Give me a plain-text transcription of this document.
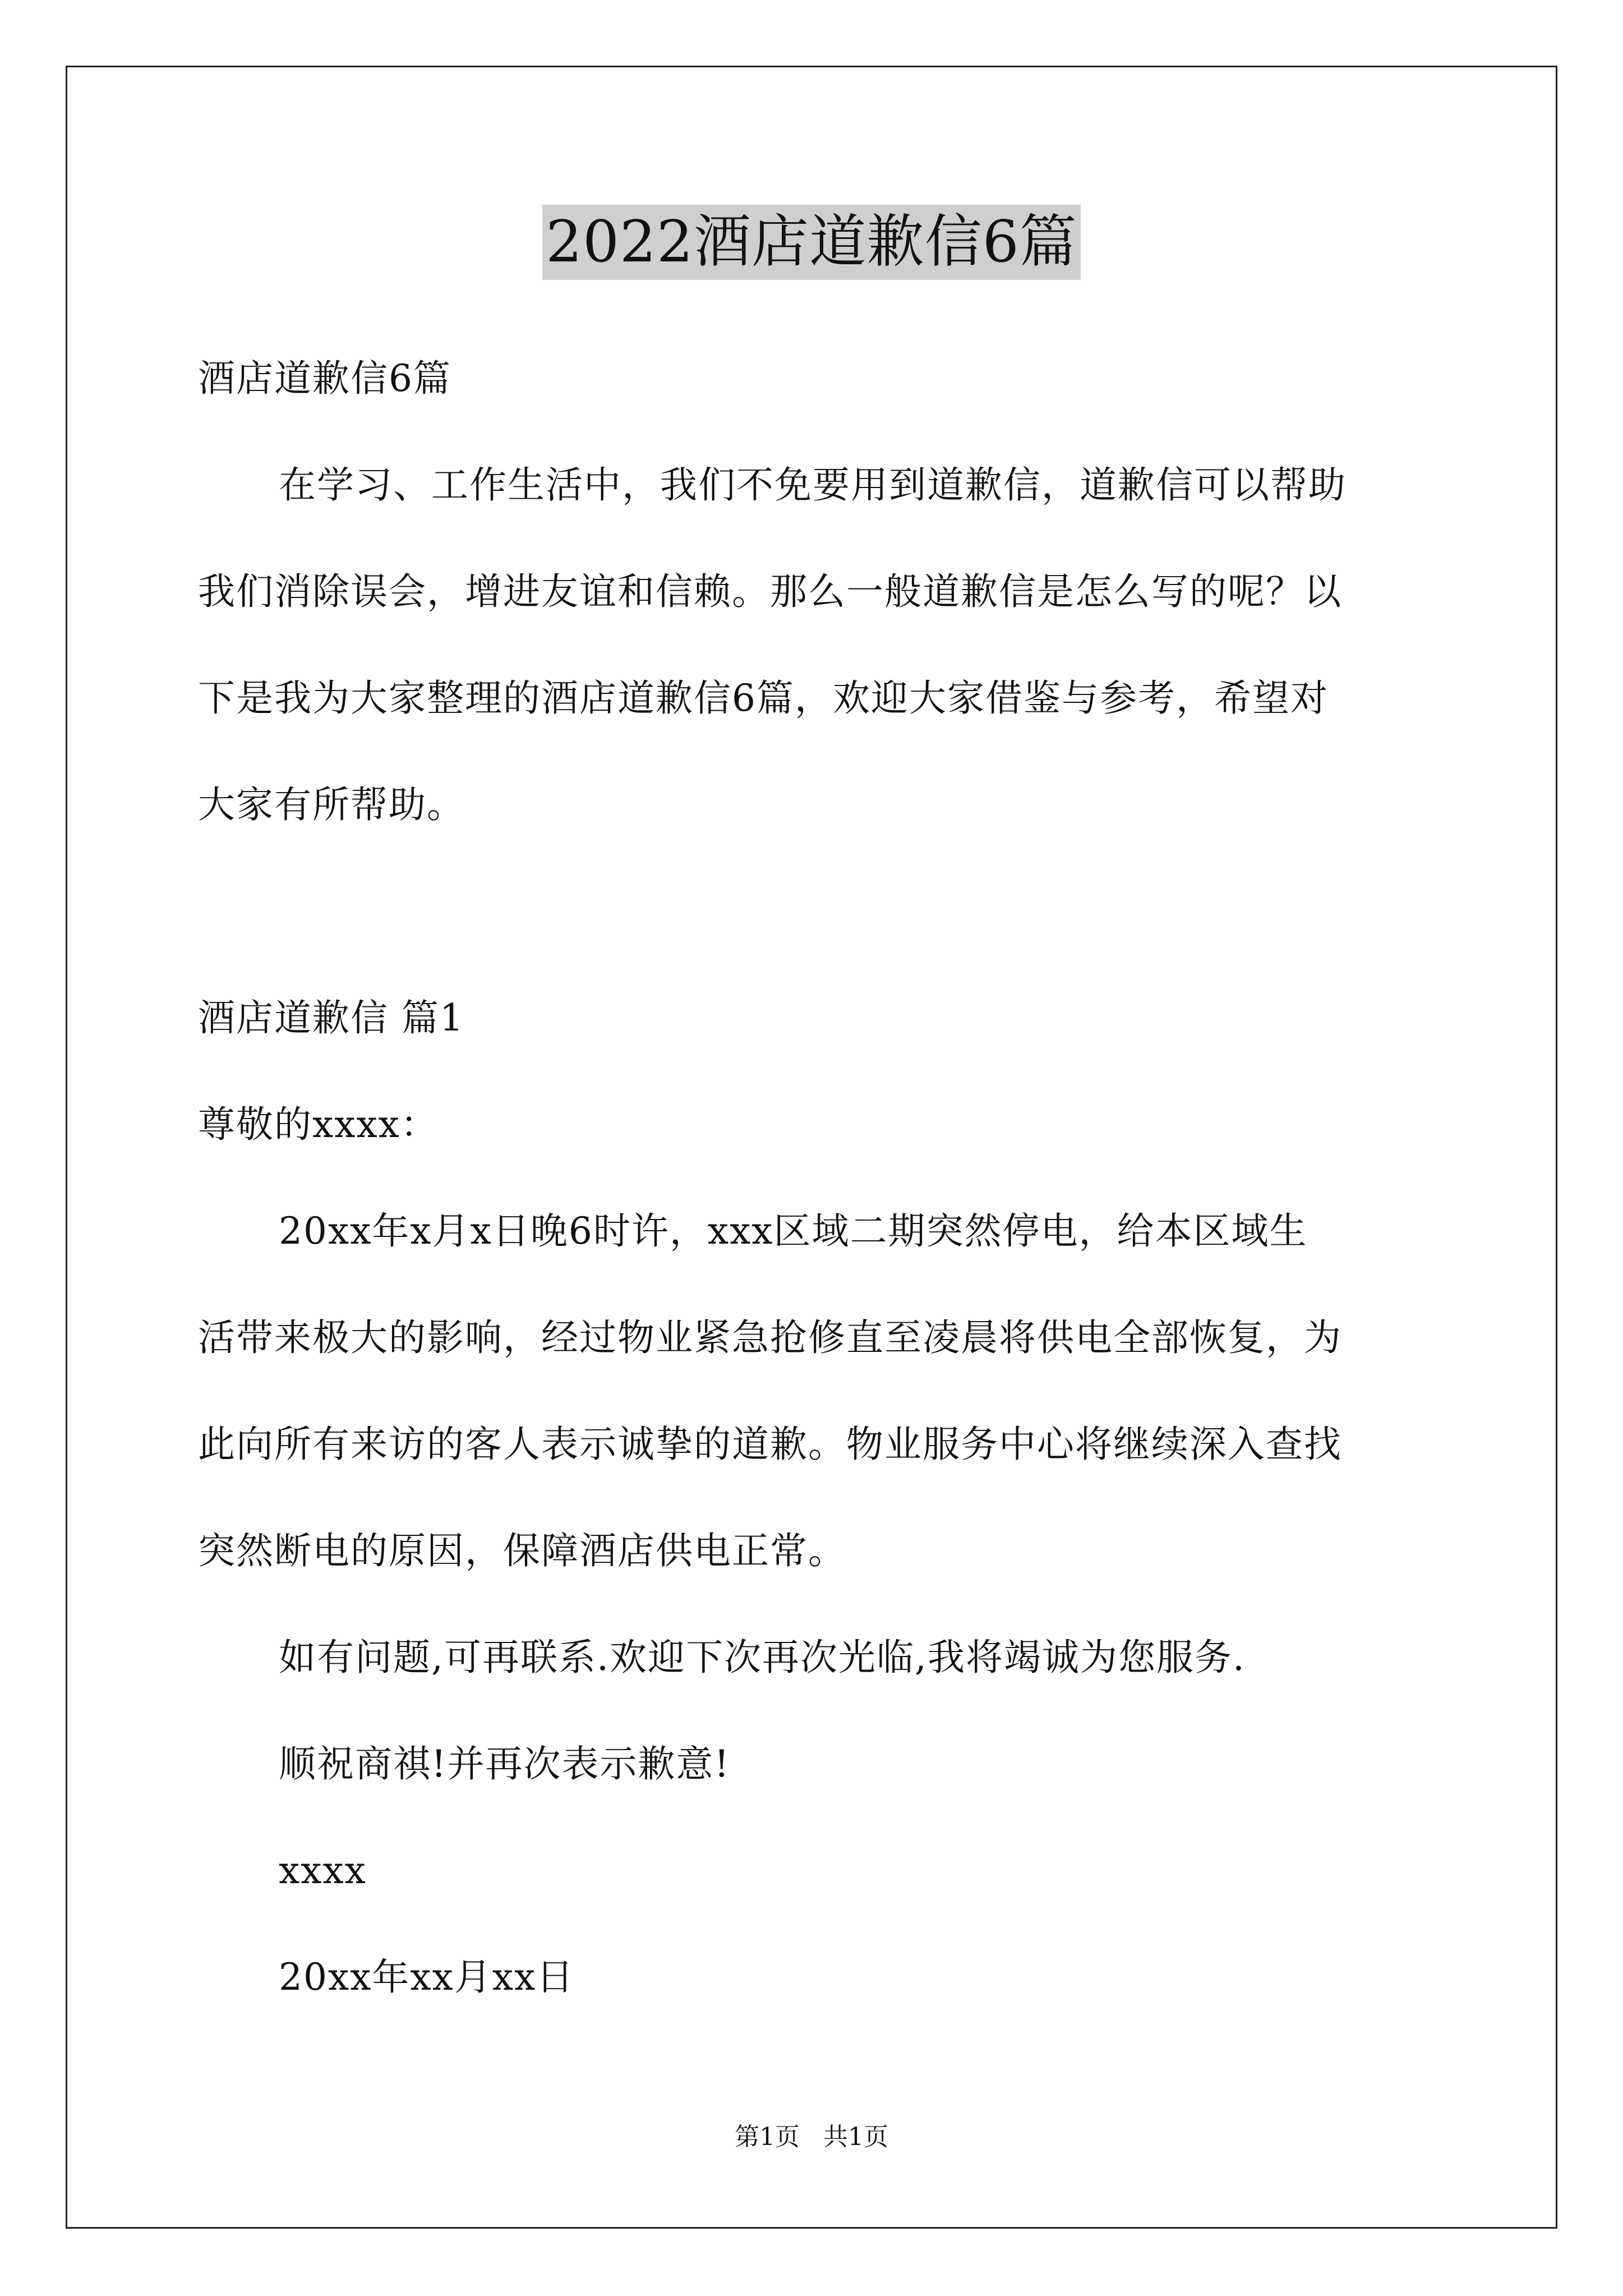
2022酒店道歉信6篇
酒店道歉信6篇
在学习、工作生活中，我们不免要用到道歉信，道歉信可以帮助
我们消除误会，增进友谊和信赖。那么一般道歉信是怎么写的呢？以
下是我为大家整理的酒店道歉信6篇，欢迎大家借鉴与参考，希望对
大家有所帮助。
酒店道歉信 篇1
尊敬的xxxx：
20xx年x月x日晚6时许，xxx区域二期突然停电，给本区域生
活带来极大的影响，经过物业紧急抢修直至凌晨将供电全部恢复，为
此向所有来访的客人表示诚挚的道歉。物业服务中心将继续深入查找
突然断电的原因，保障酒店供电正常。
如有问题,可再联系.欢迎下次再次光临,我将竭诚为您服务.
顺祝商祺!并再次表示歉意!
xxxx
20xx年xx月xx日
第1页   共1页
